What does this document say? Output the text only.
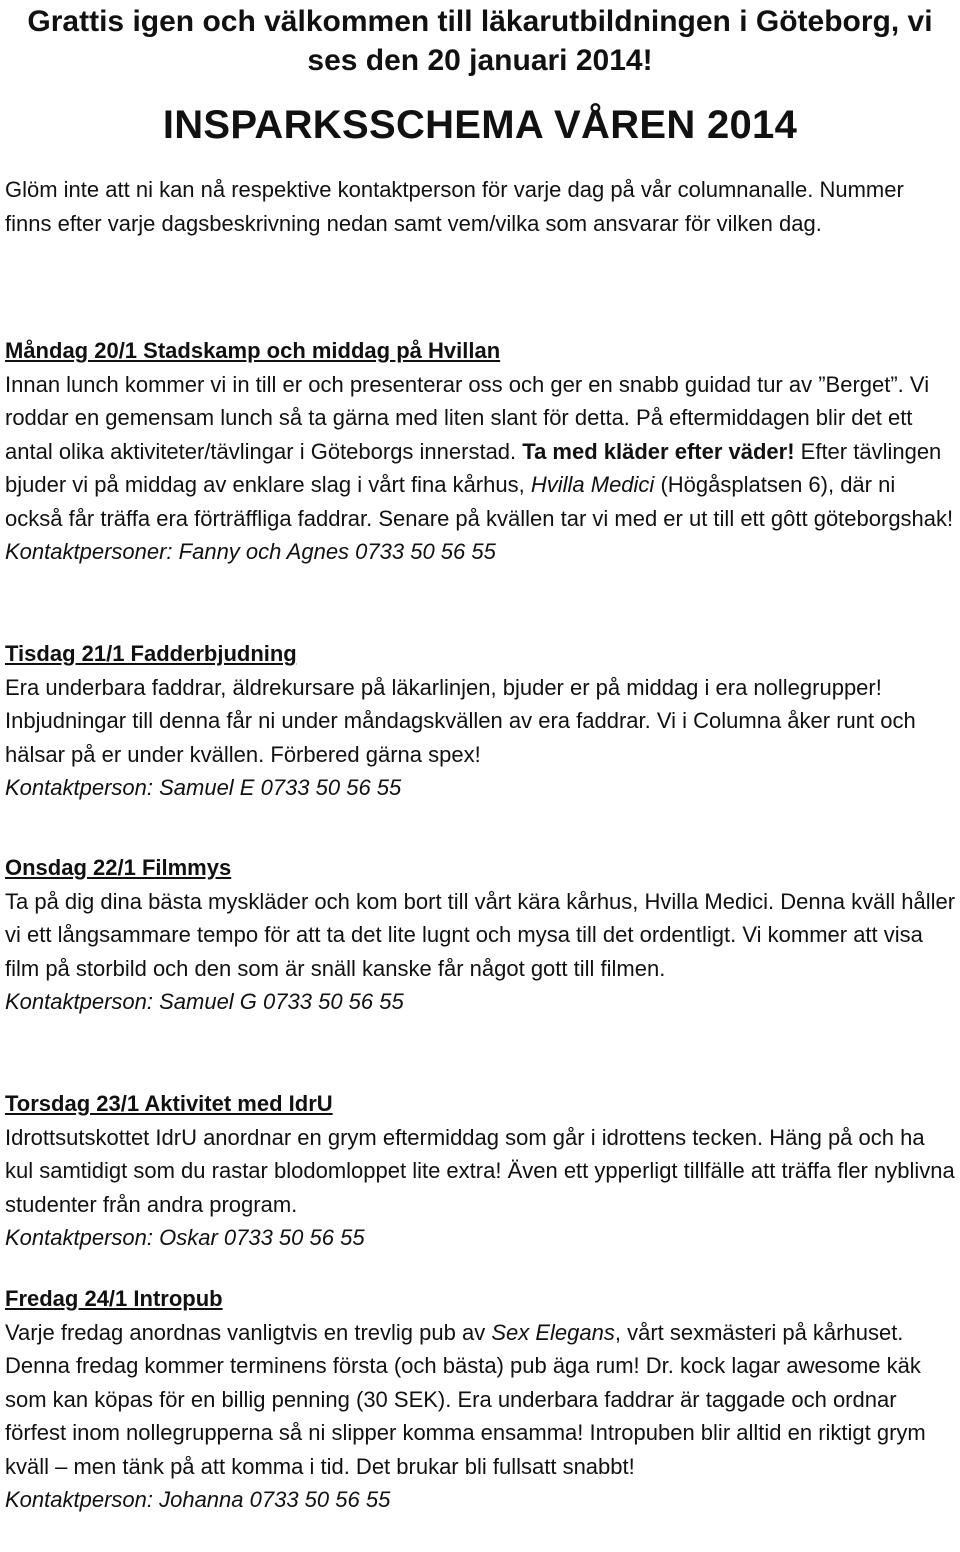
Grattis igen och välkommen till läkarutbildningen i Göteborg, vi ses den 20 januari 2014!
INSPARKSSCHEMA VÅREN 2014

Glöm inte att ni kan nå respektive kontaktperson för varje dag på vår columnanalle. Nummer finns efter varje dagsbeskrivning nedan samt vem/vilka som ansvarar för vilken dag.

Måndag 20/1 Stadskamp och middag på Hvillan

Innan lunch kommer vi in till er och presenterar oss och ger en snabb guidad tur av ”Berget”. Vi roddar en gemensam lunch så ta gärna med liten slant för detta. På eftermiddagen blir det ett antal olika aktiviteter/tävlingar i Göteborgs innerstad. Ta med kläder efter väder! Efter tävlingen bjuder vi på middag av enklare slag i vårt fina kårhus, Hvilla Medici (Högåsplatsen 6), där ni också får träffa era förträffliga faddrar. Senare på kvällen tar vi med er ut till ett gôtt göteborgshak!

Kontaktpersoner: Fanny och Agnes 0733 50 56 55

Tisdag 21/1 Fadderbjudning

Era underbara faddrar, äldrekursare på läkarlinjen, bjuder er på middag i era nollegrupper! Inbjudningar till denna får ni under måndagskvällen av era faddrar. Vi i Columna åker runt och hälsar på er under kvällen. Förbered gärna spex!

Kontaktperson: Samuel E 0733 50 56 55

Onsdag 22/1 Filmmys

Ta på dig dina bästa myskläder och kom bort till vårt kära kårhus, Hvilla Medici. Denna kväll håller vi ett långsammare tempo för att ta det lite lugnt och mysa till det ordentligt. Vi kommer att visa film på storbild och den som är snäll kanske får något gott till filmen.

Kontaktperson: Samuel G 0733 50 56 55

Torsdag 23/1 Aktivitet med IdrU

Idrottsutskottet IdrU anordnar en grym eftermiddag som går i idrottens tecken. Häng på och ha kul samtidigt som du rastar blodomloppet lite extra! Även ett ypperligt tillfälle att träffa fler nyblivna studenter från andra program.

Kontaktperson: Oskar 0733 50 56 55

Fredag 24/1 Intropub

Varje fredag anordnas vanligtvis en trevlig pub av Sex Elegans, vårt sexmästeri på kårhuset. Denna fredag kommer terminens första (och bästa) pub äga rum! Dr. kock lagar awesome käk som kan köpas för en billig penning (30 SEK). Era underbara faddrar är taggade och ordnar förfest inom nollegrupperna så ni slipper komma ensamma! Intropuben blir alltid en riktigt grym kväll – men tänk på att komma i tid. Det brukar bli fullsatt snabbt!

Kontaktperson: Johanna 0733 50 56 55
